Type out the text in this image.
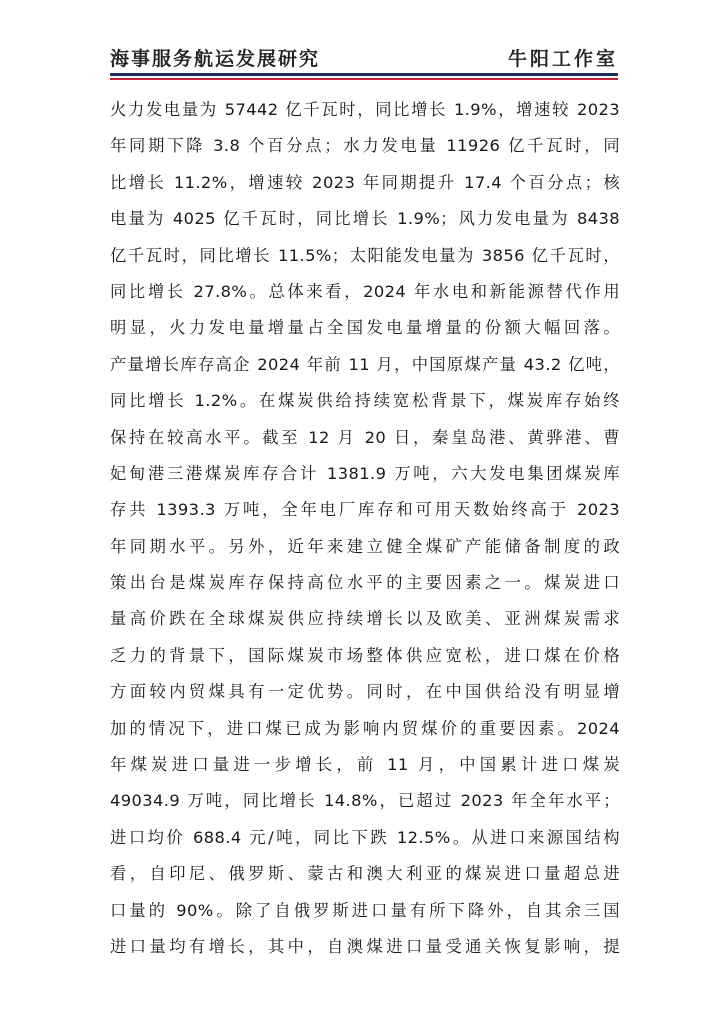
海事服务航运发展研究	牛阳工作室
火力发电量为 57442 亿千瓦时，同比增长 1.9%，增速较 2023
年同期下降 3.8 个百分点；水力发电量 11926 亿千瓦时，同
比增长 11.2%，增速较 2023 年同期提升 17.4 个百分点；核
电量为 4025 亿千瓦时，同比增长 1.9%；风力发电量为 8438
亿千瓦时，同比增长 11.5%；太阳能发电量为 3856 亿千瓦时，
同比增长 27.8%。总体来看，2024 年水电和新能源替代作用
明显，火力发电量增量占全国发电量增量的份额大幅回落。
产量增长库存高企 2024 年前 11 月，中国原煤产量 43.2 亿吨，
同比增长 1.2%。在煤炭供给持续宽松背景下，煤炭库存始终
保持在较高水平。截至 12 月 20 日，秦皇岛港、黄骅港、曹
妃甸港三港煤炭库存合计 1381.9 万吨，六大发电集团煤炭库
存共 1393.3 万吨，全年电厂库存和可用天数始终高于 2023
年同期水平。另外，近年来建立健全煤矿产能储备制度的政
策出台是煤炭库存保持高位水平的主要因素之一。煤炭进口
量高价跌在全球煤炭供应持续增长以及欧美、亚洲煤炭需求
乏力的背景下，国际煤炭市场整体供应宽松，进口煤在价格
方面较内贸煤具有一定优势。同时，在中国供给没有明显增
加的情况下，进口煤已成为影响内贸煤价的重要因素。2024
年煤炭进口量进一步增长，前 11 月，中国累计进口煤炭
49034.9 万吨，同比增长 14.8%，已超过 2023 年全年水平；
进口均价 688.4 元/吨，同比下跌 12.5%。从进口来源国结构
看，自印尼、俄罗斯、蒙古和澳大利亚的煤炭进口量超总进
口量的 90%。除了自俄罗斯进口量有所下降外，自其余三国
进口量均有增长，其中，自澳煤进口量受通关恢复影响，提
